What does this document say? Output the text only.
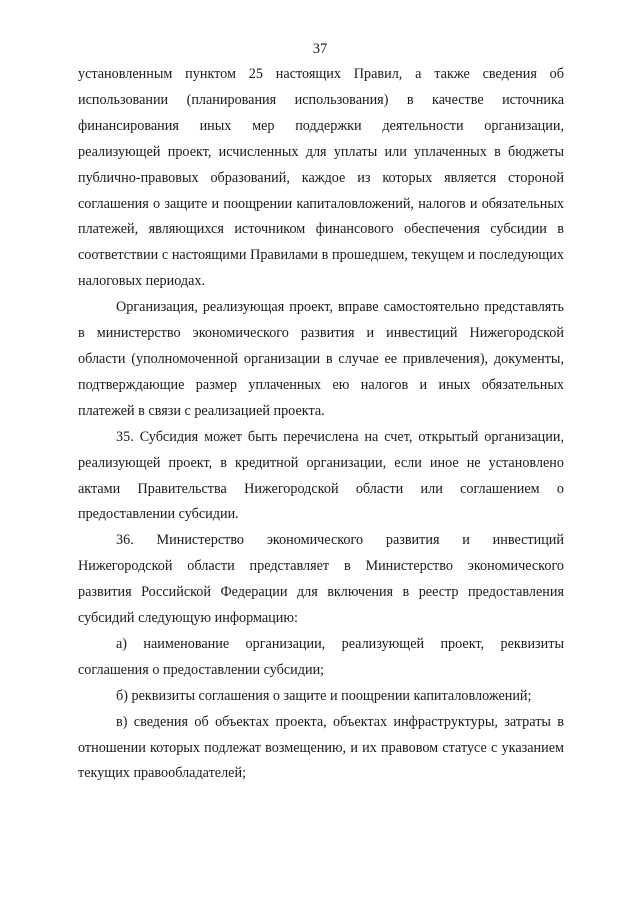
37

установленным пунктом 25 настоящих Правил, а также сведения об использовании (планирования использования) в качестве источника финансирования иных мер поддержки деятельности организации, реализующей проект, исчисленных для уплаты или уплаченных в бюджеты публично-правовых образований, каждое из которых является стороной соглашения о защите и поощрении капиталовложений, налогов и обязательных платежей, являющихся источником финансового обеспечения субсидии в соответствии с настоящими Правилами в прошедшем, текущем и последующих налоговых периодах.

Организация, реализующая проект, вправе самостоятельно представлять в министерство экономического развития и инвестиций Нижегородской области (уполномоченной организации в случае ее привлечения), документы, подтверждающие размер уплаченных ею налогов и иных обязательных платежей в связи с реализацией проекта.

35. Субсидия может быть перечислена на счет, открытый организации, реализующей проект, в кредитной организации, если иное не установлено актами Правительства Нижегородской области или соглашением о предоставлении субсидии.

36. Министерство экономического развития и инвестиций Нижегородской области представляет в Министерство экономического развития Российской Федерации для включения в реестр предоставления субсидий следующую информацию:

а) наименование организации, реализующей проект, реквизиты соглашения о предоставлении субсидии;

б) реквизиты соглашения о защите и поощрении капиталовложений;

в) сведения об объектах проекта, объектах инфраструктуры, затраты в отношении которых подлежат возмещению, и их правовом статусе с указанием текущих правообладателей;
